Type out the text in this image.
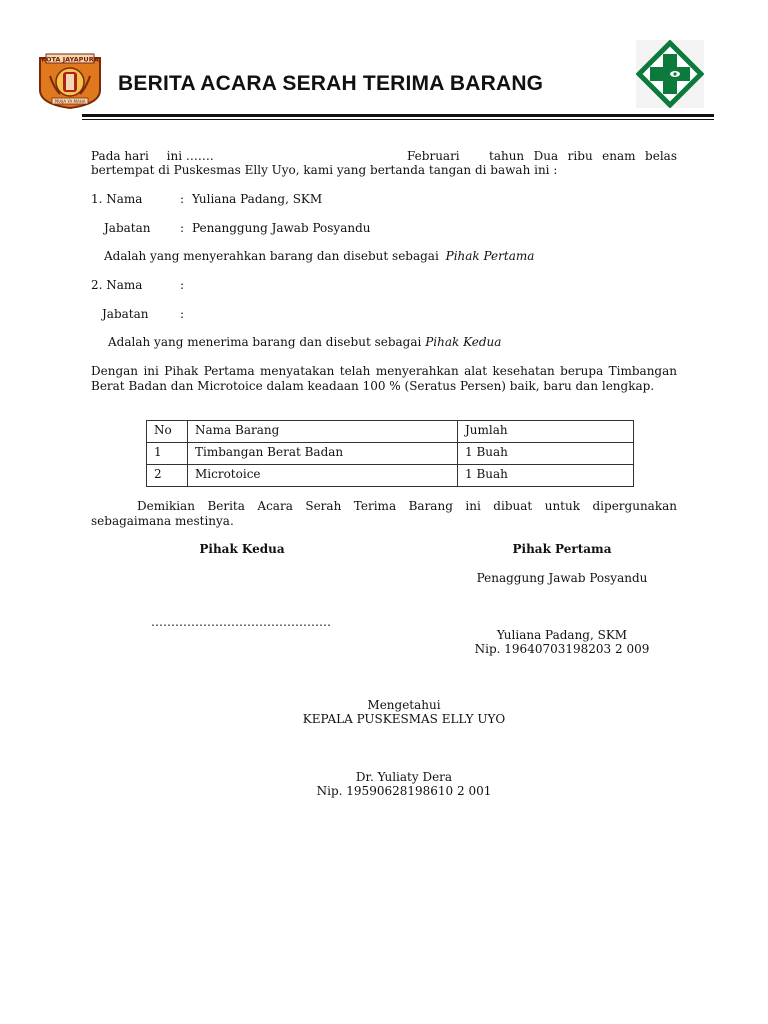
KOTA JAYAPURA
PRAJA YA MAHA
BERITA ACARA SERAH TERIMA BARANG
Pada hari ini …….	Februari tahun Dua ribu enam belas
bertempat di Puskesmas Elly Uyo, kami yang bertanda tangan di bawah ini :
1. Nama	: Yuliana Padang, SKM
Jabatan : Penanggung Jawab Posyandu
Adalah yang menyerahkan barang dan disebut sebagai Pihak Pertama
2. Nama	:
Jabatan	:
Adalah yang menerima barang dan disebut sebagai Pihak Kedua
Dengan ini Pihak Pertama menyatakan telah menyerahkan alat kesehatan berupa Timbangan Berat Badan dan Microtoice dalam keadaan 100 % (Seratus Persen) baik, baru dan lengkap.
No	Nama Barang	Jumlah
1	Timbangan Berat Badan	1 Buah
2	Microtoice	1 Buah
Demikian Berita Acara Serah Terima Barang ini dibuat untuk dipergunakan sebagaimana mestinya.
Pihak Kedua	Pihak Pertama
Penaggung Jawab Posyandu
………………………………………
Yuliana Padang, SKM
Nip. 19640703198203 2 009
Mengetahui
KEPALA PUSKESMAS ELLY UYO
Dr. Yuliaty Dera
Nip. 19590628198610 2 001
